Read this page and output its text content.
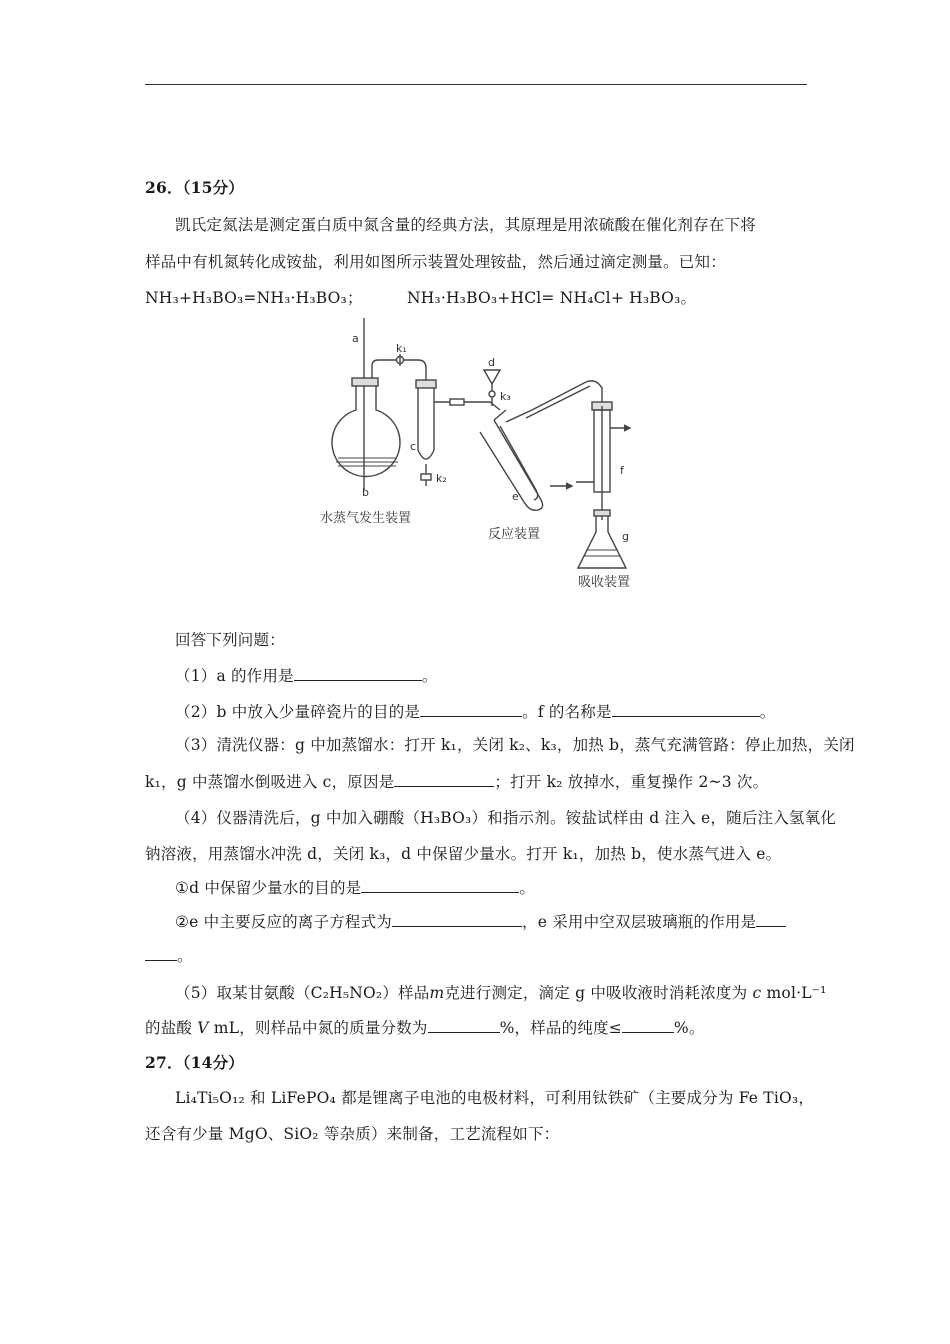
26．（15分）
凯氏定氮法是测定蛋白质中氮含量的经典方法，其原理是用浓硫酸在催化剂存在下将
样品中有机氮转化成铵盐，利用如图所示装置处理铵盐，然后通过滴定测量。已知：
NH₃+H₃BO₃=NH₃·H₃BO₃；	NH₃·H₃BO₃+HCl= NH₄Cl+ H₃BO₃。
a
k₁
c
k₂
b
d
k₃
e
f
g
水蒸气发生装置
反应装置
吸收装置
回答下列问题：
（1）a 的作用是	。
（2）b 中放入少量碎瓷片的目的是	。f 的名称是	。
（3）清洗仪器：g 中加蒸馏水：打开 k₁，关闭 k₂、k₃，加热 b，蒸气充满管路：停止加热，关闭
k₁，g 中蒸馏水倒吸进入 c，原因是	；打开 k₂ 放掉水，重复操作 2~3 次。
（4）仪器清洗后，g 中加入硼酸（H₃BO₃）和指示剂。铵盐试样由 d 注入 e，随后注入氢氧化
钠溶液，用蒸馏水冲洗 d，关闭 k₃，d 中保留少量水。打开 k₁，加热 b，使水蒸气进入 e。
①d 中保留少量水的目的是	。
②e 中主要反应的离子方程式为	，e 采用中空双层玻璃瓶的作用是
。
（5）取某甘氨酸（C₂H₅NO₂）样品m克进行测定，滴定 g 中吸收液时消耗浓度为 c mol·L⁻¹
的盐酸 V mL，则样品中氮的质量分数为	%，样品的纯度≤	%。
27．（14分）
Li₄Ti₅O₁₂ 和 LiFePO₄ 都是锂离子电池的电极材料，可利用钛铁矿（主要成分为 Fe TiO₃，
还含有少量 MgO、SiO₂ 等杂质）来制备，工艺流程如下：
